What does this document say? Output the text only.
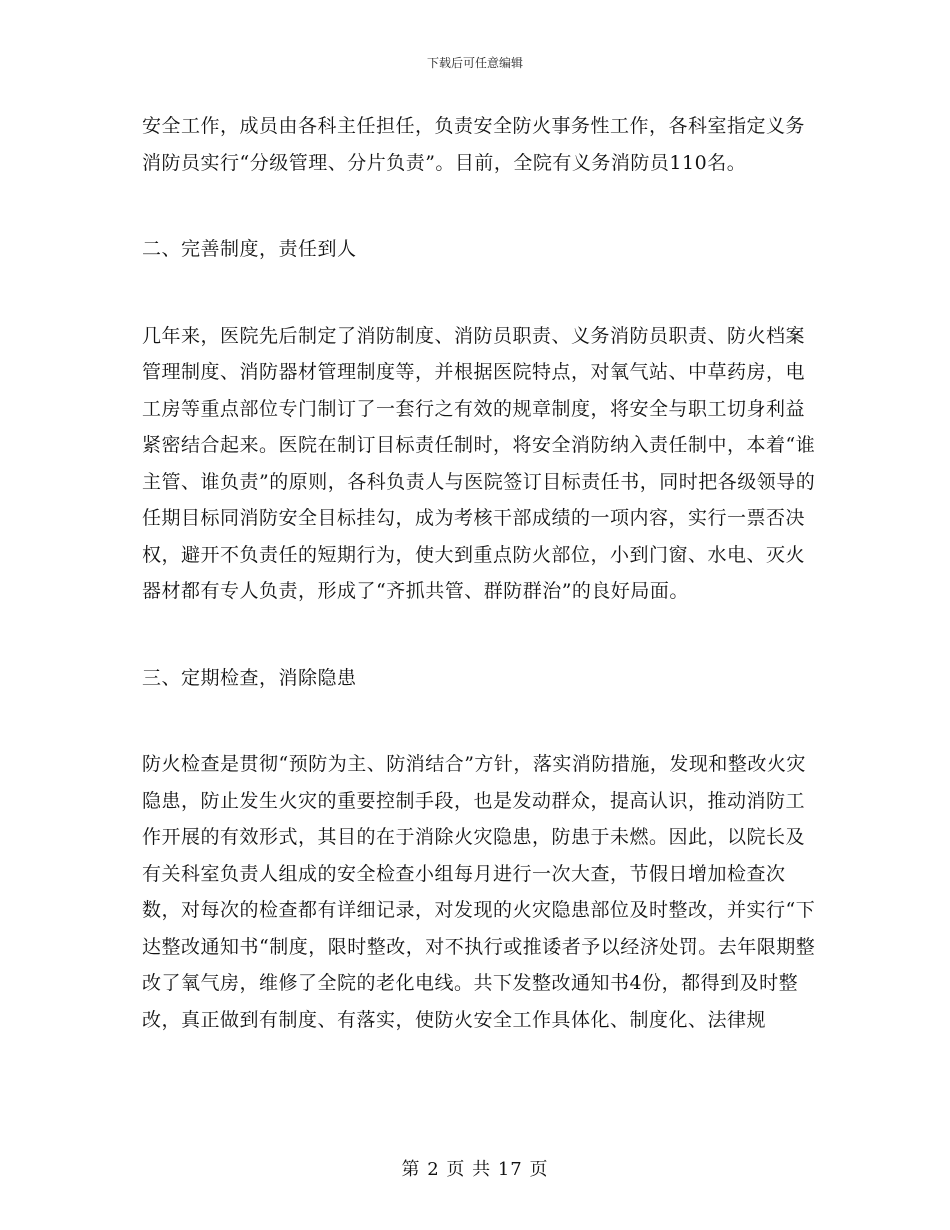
下载后可任意编辑

安全工作，成员由各科主任担任，负责安全防火事务性工作，各科室指定义务消防员实行“分级管理、分片负责”。目前，全院有义务消防员110名。

二、完善制度，责任到人

几年来，医院先后制定了消防制度、消防员职责、义务消防员职责、防火档案管理制度、消防器材管理制度等，并根据医院特点，对氧气站、中草药房，电工房等重点部位专门制订了一套行之有效的规章制度，将安全与职工切身利益紧密结合起来。医院在制订目标责任制时，将安全消防纳入责任制中，本着“谁主管、谁负责”的原则，各科负责人与医院签订目标责任书，同时把各级领导的任期目标同消防安全目标挂勾，成为考核干部成绩的一项内容，实行一票否决权，避开不负责任的短期行为，使大到重点防火部位，小到门窗、水电、灭火器材都有专人负责，形成了“齐抓共管、群防群治”的良好局面。

三、定期检查，消除隐患

防火检查是贯彻“预防为主、防消结合”方针，落实消防措施，发现和整改火灾隐患，防止发生火灾的重要控制手段，也是发动群众，提高认识，推动消防工作开展的有效形式，其目的在于消除火灾隐患，防患于未燃。因此，以院长及有关科室负责人组成的安全检查小组每月进行一次大查，节假日增加检查次数，对每次的检查都有详细记录，对发现的火灾隐患部位及时整改，并实行“下达整改通知书“制度，限时整改，对不执行或推诿者予以经济处罚。去年限期整改了氧气房，维修了全院的老化电线。共下发整改通知书4份，都得到及时整改，真正做到有制度、有落实，使防火安全工作具体化、制度化、法律规

第 2 页 共 17 页
